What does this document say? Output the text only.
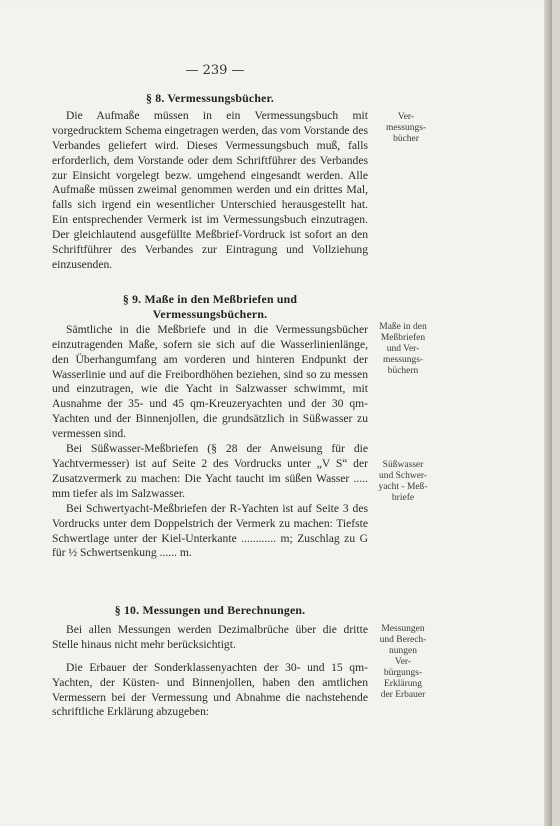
— 239 —
§ 8. Vermessungsbücher.

Die Aufmaße müssen in ein Vermessungsbuch mit vorgedrucktem Schema eingetragen werden, das vom Vorstande des Verbandes geliefert wird. Dieses Vermessungsbuch muß, falls erforderlich, dem Vorstande oder dem Schriftführer des Verbandes zur Einsicht vorgelegt bezw. umgehend eingesandt werden. Alle Aufmaße müssen zweimal genommen werden und ein drittes Mal, falls sich irgend ein wesentlicher Unterschied herausgestellt hat. Ein entsprechender Vermerk ist im Vermessungsbuch einzutragen. Der gleichlautend ausgefüllte Meßbrief-Vordruck ist sofort an den Schriftführer des Verbandes zur Eintragung und Vollziehung einzusenden.

§ 9. Maße in den Meßbriefen und Vermessungsbüchern.

Sämtliche in die Meßbriefe und in die Vermessungsbücher einzutragenden Maße, sofern sie sich auf die Wasserlinienlänge, den Überhangumfang am vorderen und hinteren Endpunkt der Wasserlinie und auf die Freibordhöhen beziehen, sind so zu messen und einzutragen, wie die Yacht in Salzwasser schwimmt, mit Ausnahme der 35- und 45 qm-Kreuzeryachten und der 30 qm-Yachten und der Binnenjollen, die grundsätzlich in Süßwasser zu vermessen sind.

Bei Süßwasser-Meßbriefen (§ 28 der Anweisung für die Yachtvermesser) ist auf Seite 2 des Vordrucks unter „V S“ der Zusatzvermerk zu machen: Die Yacht taucht im süßen Wasser ..... mm tiefer als im Salzwasser.

Bei Schwertyacht-Meßbriefen der R-Yachten ist auf Seite 3 des Vordrucks unter dem Doppelstrich der Vermerk zu machen: Tiefste Schwertlage unter der Kiel-Unterkante ............ m; Zuschlag zu G für ½ Schwertsenkung ...... m.

§ 10. Messungen und Berechnungen.

Bei allen Messungen werden Dezimalbrüche über die dritte Stelle hinaus nicht mehr berücksichtigt.

Die Erbauer der Sonderklassenyachten der 30- und 15 qm-Yachten, der Küsten- und Binnenjollen, haben den amtlichen Vermessern bei der Vermessung und Abnahme die nachstehende schriftliche Erklärung abzugeben:

Ver-
messungs-
bücher
Maße in den
Meßbriefen
und Ver-
messungs-
büchern
Süßwasser
und Schwer-
yacht - Meß-
briefe
Messungen
und Berech-
nungen
Ver-
bürgungs-
Erklärung
der Erbauer
